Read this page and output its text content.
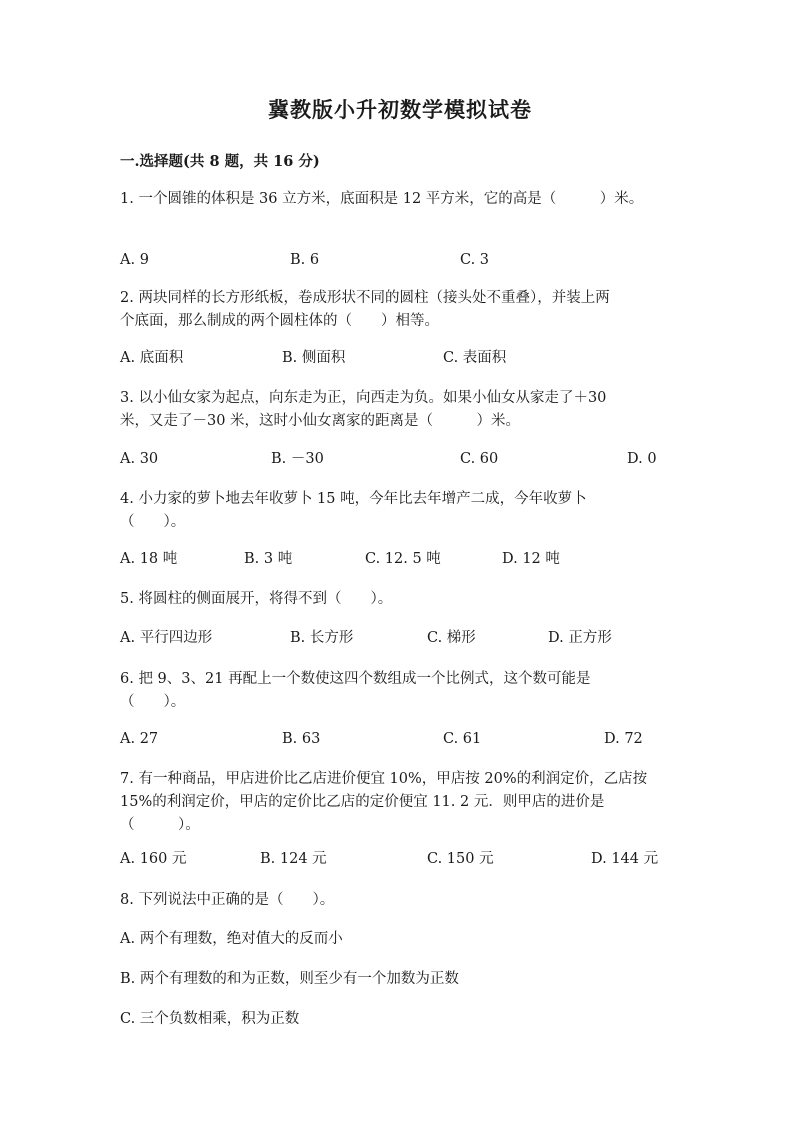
冀教版小升初数学模拟试卷
一.选择题(共 8 题，共 16 分)
1. 一个圆锥的体积是 36 立方米，底面积是 12 平方米，它的高是（　　　）米。
A. 9	B. 6	C. 3
2. 两块同样的长方形纸板，卷成形状不同的圆柱（接头处不重叠），并装上两
个底面，那么制成的两个圆柱体的（　　）相等。
A. 底面积	B. 侧面积	C. 表面积
3. 以小仙女家为起点，向东走为正，向西走为负。如果小仙女从家走了＋30
米，又走了－30 米，这时小仙女离家的距离是（　　　）米。
A. 30	B. －30	C. 60	D. 0
4. 小力家的萝卜地去年收萝卜 15 吨，今年比去年增产二成，今年收萝卜
（　　）。
A. 18 吨	B. 3 吨	C. 12. 5 吨	D. 12 吨
5. 将圆柱的侧面展开，将得不到（　　）。
A. 平行四边形	B. 长方形	C. 梯形	D. 正方形
6. 把 9、3、21 再配上一个数使这四个数组成一个比例式，这个数可能是
（　　）。
A. 27	B. 63	C. 61	D. 72
7. 有一种商品，甲店进价比乙店进价便宜 10%，甲店按 20%的利润定价，乙店按
15%的利润定价，甲店的定价比乙店的定价便宜 11. 2 元．则甲店的进价是
（　　　）。
A. 160 元	B. 124 元	C. 150 元	D. 144 元
8. 下列说法中正确的是（　　）。
A. 两个有理数，绝对值大的反而小
B. 两个有理数的和为正数，则至少有一个加数为正数
C. 三个负数相乘，积为正数
